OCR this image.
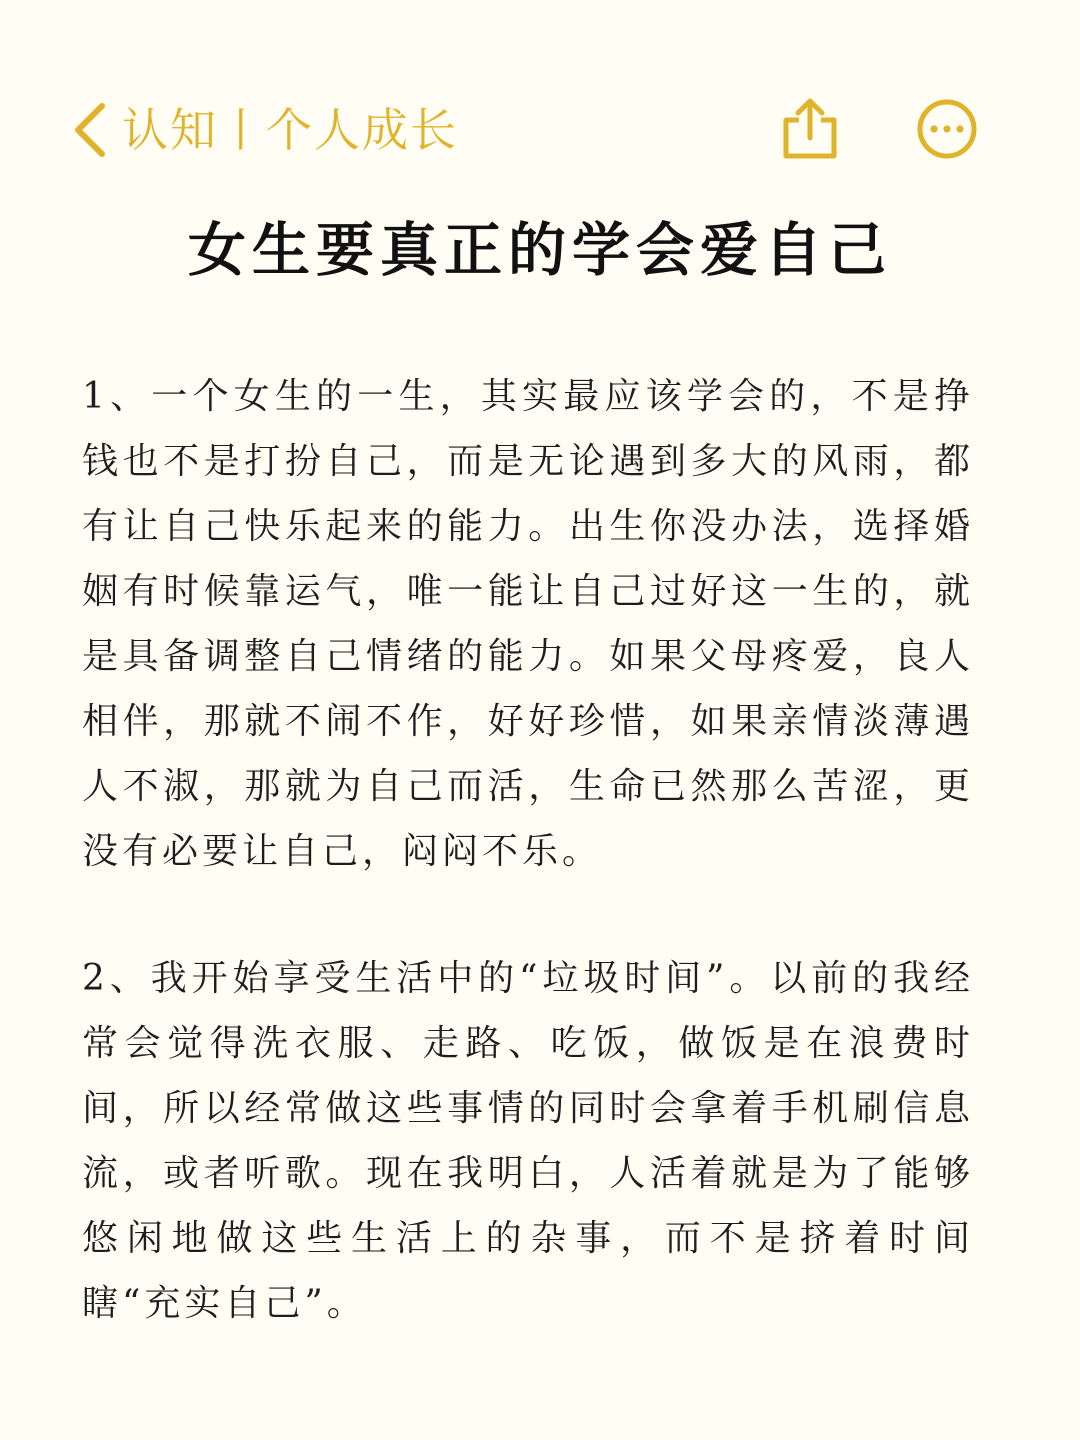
认知丨个人成长
女生要真正的学会爱自己

1、一个女生的一生，其实最应该学会的，不是挣钱也不是打扮自己，而是无论遇到多大的风雨，都有让自己快乐起来的能力。出生你没办法，选择婚姻有时候靠运气，唯一能让自己过好这一生的，就是具备调整自己情绪的能力。如果父母疼爱，良人相伴，那就不闹不作，好好珍惜，如果亲情淡薄遇人不淑，那就为自己而活，生命已然那么苦涩，更没有必要让自己，闷闷不乐。

2、我开始享受生活中的“垃圾时间”。以前的我经常会觉得洗衣服、走路、吃饭，做饭是在浪费时间，所以经常做这些事情的同时会拿着手机刷信息流，或者听歌。现在我明白，人活着就是为了能够悠闲地做这些生活上的杂事，而不是挤着时间瞎“充实自己”。
